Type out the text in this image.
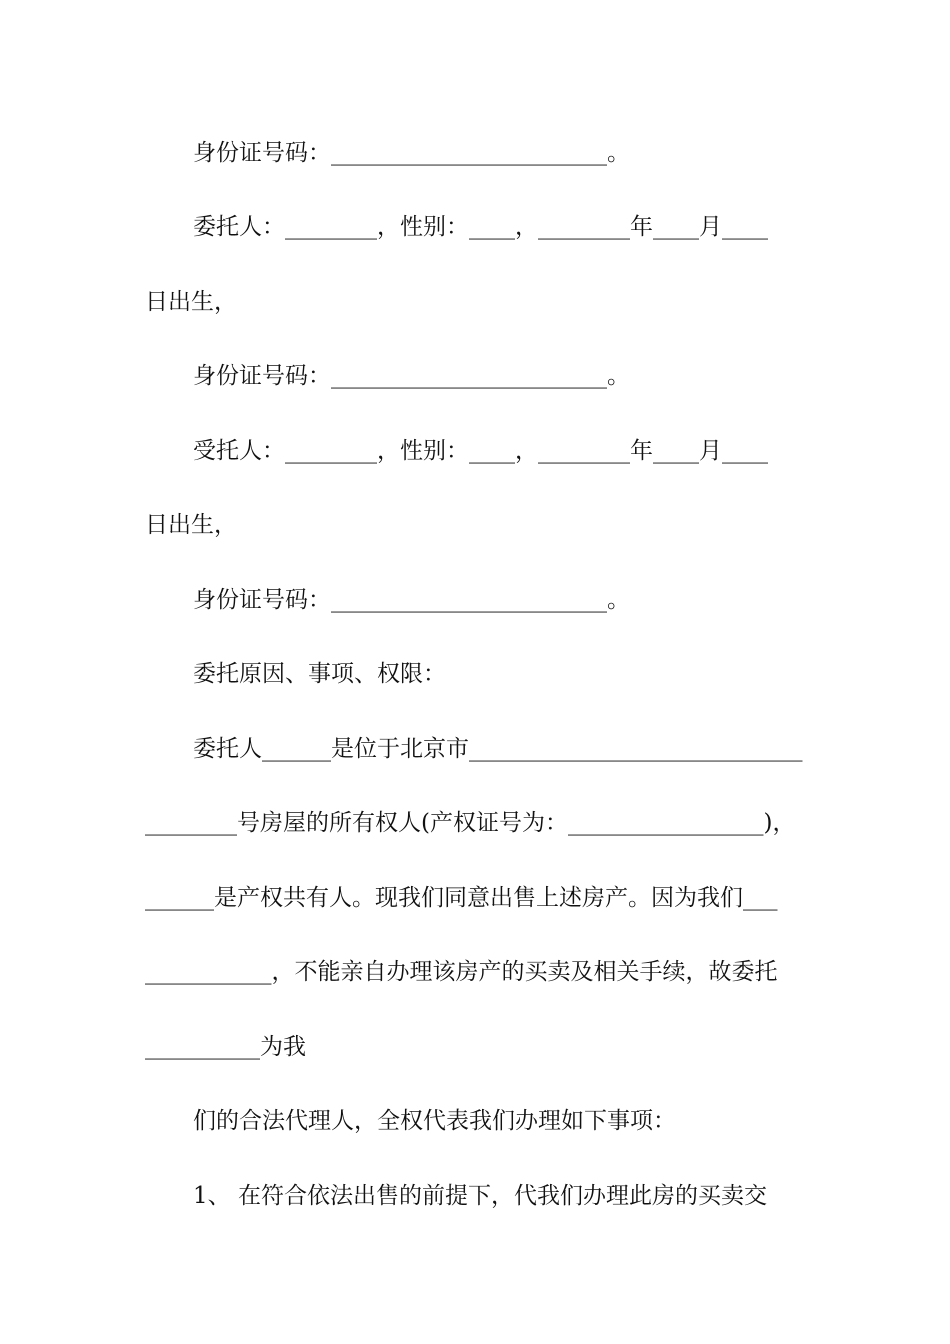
身份证号码：________________________。
委托人：________，性别：____，________年____月____
日出生，
身份证号码：________________________。
受托人：________，性别：____，________年____月____
日出生，
身份证号码：________________________。
委托原因、事项、权限：
委托人______是位于北京市_____________________________
________号房屋的所有权人(产权证号为：_________________)，
______是产权共有人。现我们同意出售上述房产。因为我们___
___________，不能亲自办理该房产的买卖及相关手续，故委托
__________为我
们的合法代理人，全权代表我们办理如下事项：
1、 在符合依法出售的前提下，代我们办理此房的买卖交
